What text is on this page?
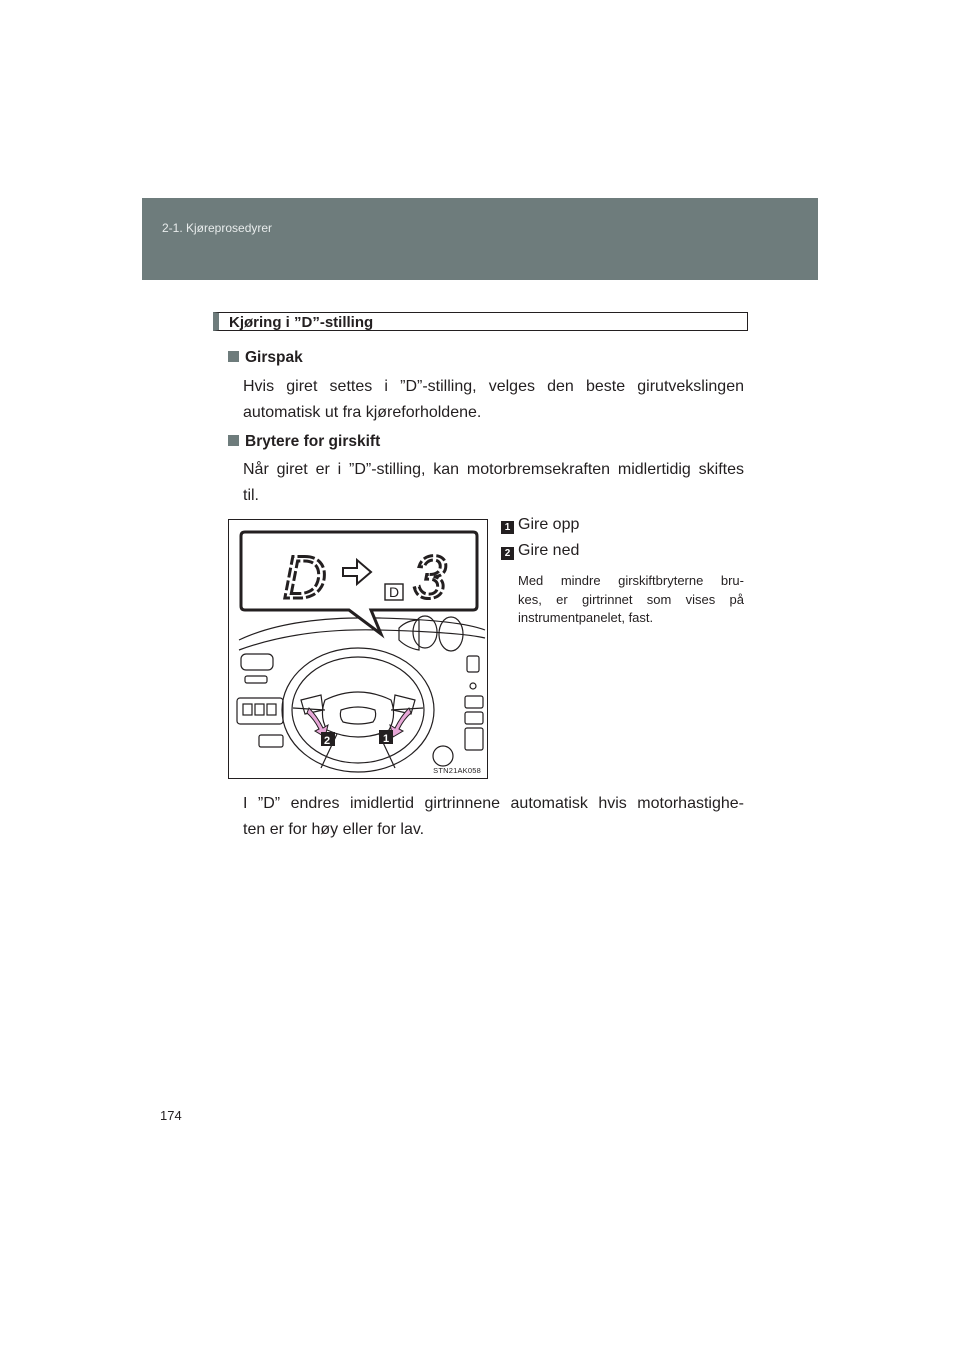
2-1. Kjøreprosedyrer
Kjøring i ”D”-stilling
Girspak
Hvis giret settes i ”D”-stilling, velges den beste girutvekslingen
automatisk ut fra kjøreforholdene.
Brytere for girskift
Når giret er i ”D”-stilling, kan motorbremsekraften midlertidig skiftes
til.
D	D 3
2	1
STN21AK058
1 Gire opp
2 Gire ned
Med mindre girskiftbryterne bru-
kes, er girtrinnet som vises på
instrumentpanelet, fast.
I ”D” endres imidlertid girtrinnene automatisk hvis motorhastighe-
ten er for høy eller for lav.
174
